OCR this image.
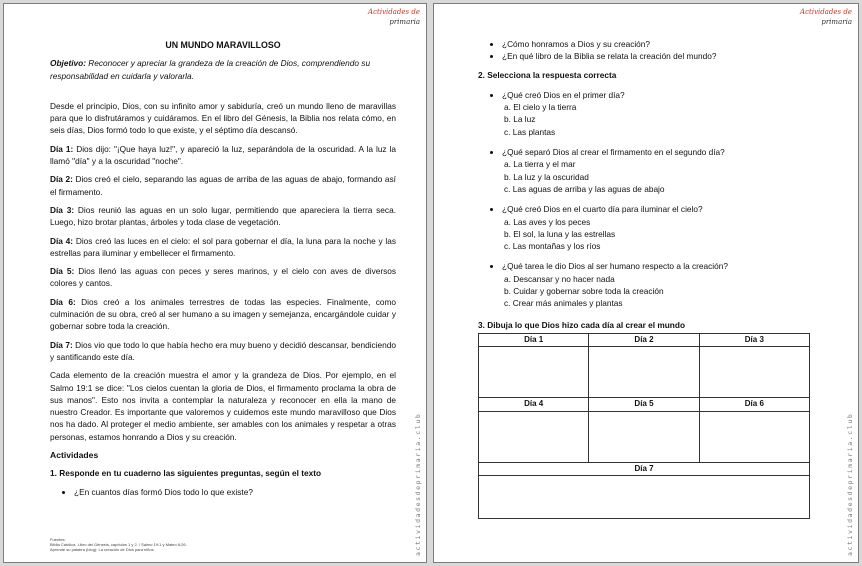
Actividades de
primaria
actividadesdeprimaria.club
UN MUNDO MARAVILLOSO

Objetivo: Reconocer y apreciar la grandeza de la creación de Dios, comprendiendo su responsabilidad en cuidarla y valorarla.

Desde el principio, Dios, con su infinito amor y sabiduría, creó un mundo lleno de maravillas para que lo disfrutáramos y cuidáramos. En el libro del Génesis, la Biblia nos relata cómo, en seis días, Dios formó todo lo que existe, y el séptimo día descansó.

Día 1: Dios dijo: "¡Que haya luz!", y apareció la luz, separándola de la oscuridad. A la luz la llamó "día" y a la oscuridad "noche".

Día 2: Dios creó el cielo, separando las aguas de arriba de las aguas de abajo, formando así el firmamento.

Día 3: Dios reunió las aguas en un solo lugar, permitiendo que apareciera la tierra seca. Luego, hizo brotar plantas, árboles y toda clase de vegetación.

Día 4: Dios creó las luces en el cielo: el sol para gobernar el día, la luna para la noche y las estrellas para iluminar y embellecer el firmamento.

Día 5: Dios llenó las aguas con peces y seres marinos, y el cielo con aves de diversos colores y cantos.

Día 6: Dios creó a los animales terrestres de todas las especies. Finalmente, como culminación de su obra, creó al ser humano a su imagen y semejanza, encargándole cuidar y gobernar sobre toda la creación.

Día 7: Dios vio que todo lo que había hecho era muy bueno y decidió descansar, bendiciendo y santificando este día.

Cada elemento de la creación muestra el amor y la grandeza de Dios. Por ejemplo, en el Salmo 19:1 se dice: "Los cielos cuentan la gloria de Dios, el firmamento proclama la obra de sus manos". Esto nos invita a contemplar la naturaleza y reconocer en ella la mano de nuestro Creador. Es importante que valoremos y cuidemos este mundo maravilloso que Dios nos ha dado. Al proteger el medio ambiente, ser amables con los animales y respetar a otras personas, estamos honrando a Dios y su creación.

Actividades

1. Responde en tu cuaderno las siguientes preguntas, según el texto

• ¿En cuantos días formó Dios todo lo que existe?
Fuentes:
Biblia Católica, Libro del Génesis, capítulos 1 y 2. / Salmo 19:1 y Mateo 6:26.
Aprende su palabra (blog): La creación de Dios para niños
Actividades de
primaria
actividadesdeprimaria.club
• ¿Cómo honramos a Dios y su creación?
• ¿En qué libro de la Biblia se relata la creación del mundo?

2. Selecciona la respuesta correcta

• ¿Qué creó Dios en el primer día?
a. El cielo y la tierra
b. La luz
c. Las plantas
• ¿Qué separó Dios al crear el firmamento en el segundo día?
a. La tierra y el mar
b. La luz y la oscuridad
c. Las aguas de arriba y las aguas de abajo
• ¿Qué creó Dios en el cuarto día para iluminar el cielo?
a. Las aves y los peces
b. El sol, la luna y las estrellas
c. Las montañas y los ríos
• ¿Qué tarea le dio Dios al ser humano respecto a la creación?
a. Descansar y no hacer nada
b. Cuidar y gobernar sobre toda la creación
c. Crear más animales y plantas

3. Dibuja lo que Dios hizo cada día al crear el mundo

Día 1	Día 2	Día 3

Día 4	Día 5	Día 6

Día 7		
